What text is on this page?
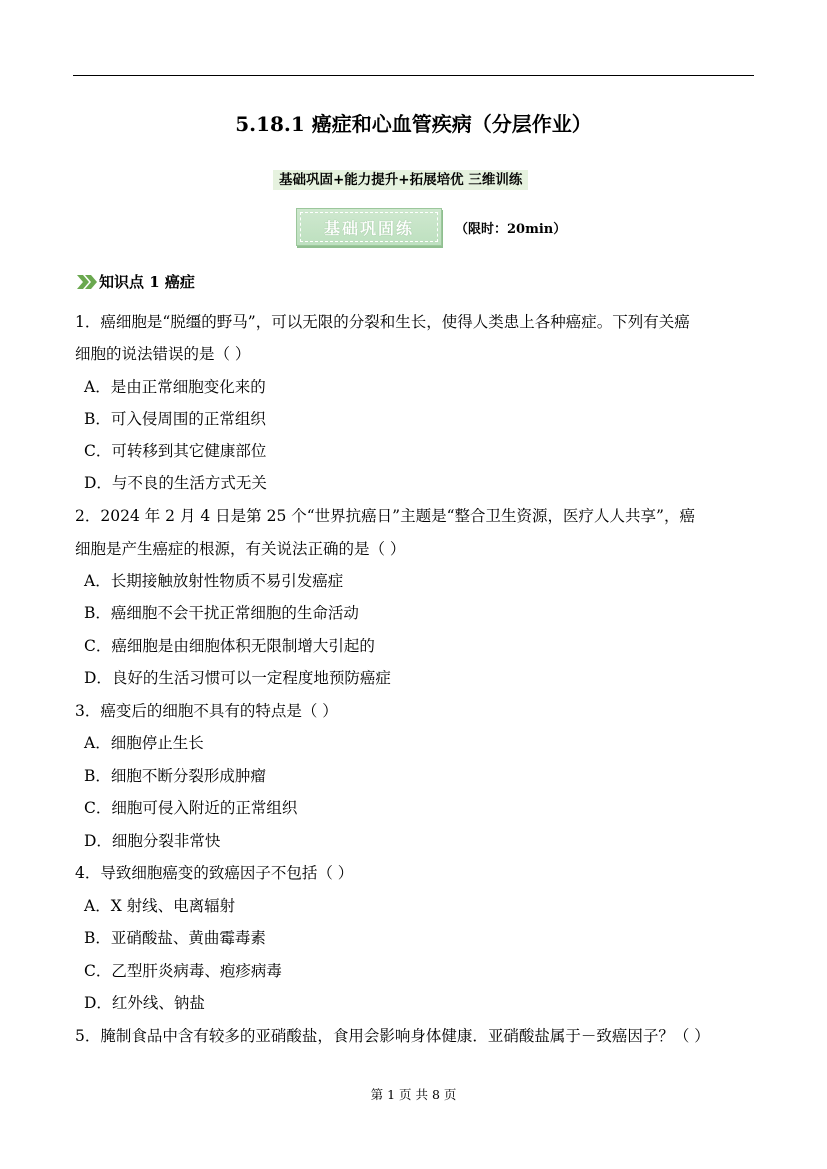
5.18.1 癌症和心血管疾病（分层作业）
基础巩固+能力提升+拓展培优 三维训练
基础巩固练	（限时：20min）
知识点 1 癌症
1．癌细胞是“脱缰的野马”，可以无限的分裂和生长，使得人类患上各种癌症。下列有关癌
细胞的说法错误的是（ ）
A．是由正常细胞变化来的
B．可入侵周围的正常组织
C．可转移到其它健康部位
D．与不良的生活方式无关
2．2024 年 2 月 4 日是第 25 个“世界抗癌日”主题是“整合卫生资源，医疗人人共享”，癌
细胞是产生癌症的根源，有关说法正确的是（ ）
A．长期接触放射性物质不易引发癌症
B．癌细胞不会干扰正常细胞的生命活动
C．癌细胞是由细胞体积无限制增大引起的
D．良好的生活习惯可以一定程度地预防癌症
3．癌变后的细胞不具有的特点是（ ）
A．细胞停止生长
B．细胞不断分裂形成肿瘤
C．细胞可侵入附近的正常组织
D．细胞分裂非常快
4．导致细胞癌变的致癌因子不包括（ ）
A．X 射线、电离辐射
B．亚硝酸盐、黄曲霉毒素
C．乙型肝炎病毒、疱疹病毒
D．红外线、钠盐
5．腌制食品中含有较多的亚硝酸盐，食用会影响身体健康．亚硝酸盐属于－致癌因子？（ ）
第 1 页 共 8 页
